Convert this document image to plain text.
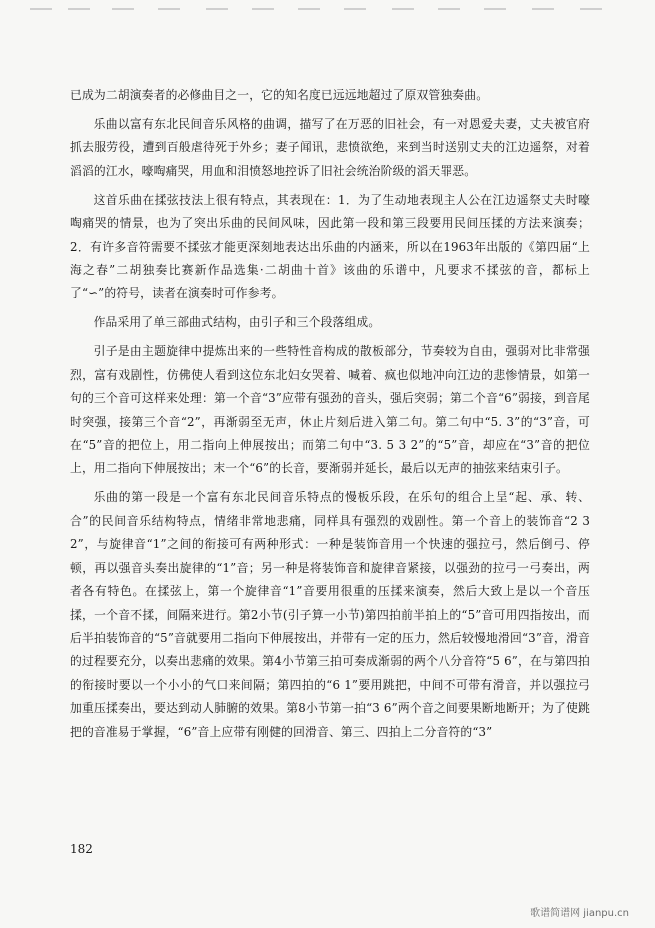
已成为二胡演奏者的必修曲目之一，它的知名度已远远地超过了原双管独奏曲。

乐曲以富有东北民间音乐风格的曲调，描写了在万恶的旧社会，有一对恩爱夫妻，丈夫被官府抓去服劳役，遭到百般虐待死于外乡；妻子闻讯，悲愤欲绝，来到当时送别丈夫的江边遥祭，对着滔滔的江水，嚎啕痛哭，用血和泪愤怒地控诉了旧社会统治阶级的滔天罪恶。

这首乐曲在揉弦技法上很有特点，其表现在：1．为了生动地表现主人公在江边遥祭丈夫时嚎啕痛哭的情景，也为了突出乐曲的民间风味，因此第一段和第三段要用民间压揉的方法来演奏；2．有许多音符需要不揉弦才能更深刻地表达出乐曲的内涵来，所以在1963年出版的《第四届“上海之春”二胡独奏比赛新作品选集·二胡曲十首》该曲的乐谱中，凡要求不揉弦的音，都标上了“∽”的符号，读者在演奏时可作参考。

作品采用了单三部曲式结构，由引子和三个段落组成。

引子是由主题旋律中提炼出来的一些特性音构成的散板部分，节奏较为自由，强弱对比非常强烈，富有戏剧性，仿佛使人看到这位东北妇女哭着、喊着、疯也似地冲向江边的悲惨情景，如第一句的三个音可这样来处理：第一个音“3”应带有强劲的音头，强后突弱；第二个音“6”弱接，到音尾时突强，接第三个音“2”，再渐弱至无声，休止片刻后进入第二句。第二句中“5. 3”的“3”音，可在“5”音的把位上，用二指向上伸展按出；而第二句中“3. 5 3 2”的“5”音，却应在“3”音的把位上，用二指向下伸展按出；末一个“6”的长音，要渐弱并延长，最后以无声的抽弦来结束引子。

乐曲的第一段是一个富有东北民间音乐特点的慢板乐段，在乐句的组合上呈“起、承、转、合”的民间音乐结构特点，情绪非常地悲痛，同样具有强烈的戏剧性。第一个音上的装饰音“2 3 2”，与旋律音“1”之间的衔接可有两种形式：一种是装饰音用一个快速的强拉弓，然后倒弓、停顿，再以强音头奏出旋律的“1”音；另一种是将装饰音和旋律音紧接，以强劲的拉弓一弓奏出，两者各有特色。在揉弦上，第一个旋律音“1”音要用很重的压揉来演奏，然后大致上是以一个音压揉，一个音不揉，间隔来进行。第2小节(引子算一小节)第四拍前半拍上的“5”音可用四指按出，而后半拍装饰音的“5”音就要用二指向下伸展按出，并带有一定的压力，然后较慢地滑回“3”音，滑音的过程要充分，以奏出悲痛的效果。第4小节第三拍可奏成渐弱的两个八分音符“5 6”，在与第四拍的衔接时要以一个小小的气口来间隔；第四拍的“6 1”要用跳把，中间不可带有滑音，并以强拉弓加重压揉奏出，要达到动人肺腑的效果。第8小节第一拍“3 6”两个音之间要果断地断开；为了使跳把的音准易于掌握，“6”音上应带有刚健的回滑音、第三、四拍上二分音符的“3”

182
歌谱简谱网 jianpu.cn
